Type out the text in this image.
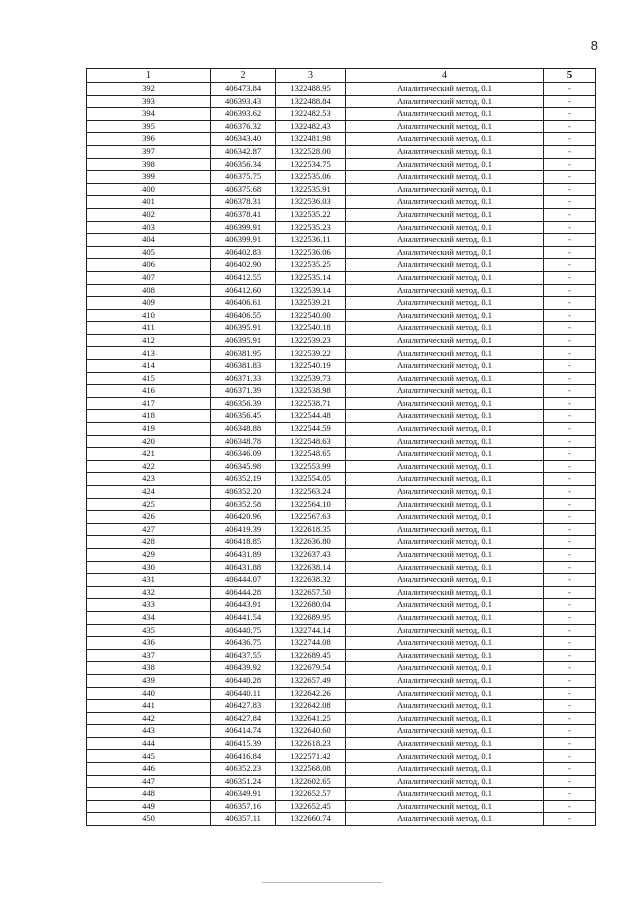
8
1	2	3	4	5
392	406473.84	1322488.95	Аналитический метод, 0.1	-
393	406393.43	1322488.84	Аналитический метод, 0.1	-
394	406393.62	1322482.53	Аналитический метод, 0.1	-
395	406376.32	1322482.43	Аналитический метод, 0.1	-
396	406343.40	1322481.98	Аналитический метод, 0.1	-
397	406342.87	1322528.00	Аналитический метод, 0.1	-
398	406356.34	1322534.75	Аналитический метод, 0.1	-
399	406375.75	1322535.06	Аналитический метод, 0.1	-
400	406375.68	1322535.91	Аналитический метод, 0.1	-
401	406378.31	1322536.03	Аналитический метод, 0.1	-
402	406378.41	1322535.22	Аналитический метод, 0.1	-
403	406399.91	1322535.23	Аналитический метод, 0.1	-
404	406399.91	1322536.11	Аналитический метод, 0.1	-
405	406402.83	1322536.06	Аналитический метод, 0.1	-
406	406402.90	1322535.25	Аналитический метод, 0.1	-
407	406412.55	1322535.14	Аналитический метод, 0.1	-
408	406412.60	1322539.14	Аналитический метод, 0.1	-
409	406406.61	1322539.21	Аналитический метод, 0.1	-
410	406406.55	1322540.00	Аналитический метод, 0.1	-
411	406395.91	1322540.18	Аналитический метод, 0.1	-
412	406395.91	1322539.23	Аналитический метод, 0.1	-
413	406381.95	1322539.22	Аналитический метод, 0.1	-
414	406381.83	1322540.19	Аналитический метод, 0.1	-
415	406371.33	1322539.73	Аналитический метод, 0.1	-
416	406371.39	1322538.98	Аналитический метод, 0.1	-
417	406356.39	1322538.71	Аналитический метод, 0.1	-
418	406356.45	1322544.48	Аналитический метод, 0.1	-
419	406348.88	1322544.59	Аналитический метод, 0.1	-
420	406348.78	1322548.63	Аналитический метод, 0.1	-
421	406346.09	1322548.65	Аналитический метод, 0.1	-
422	406345.98	1322553.99	Аналитический метод, 0.1	-
423	406352.19	1322554.05	Аналитический метод, 0.1	-
424	406352.20	1322563.24	Аналитический метод, 0.1	-
425	406352.58	1322564.10	Аналитический метод, 0.1	-
426	406420.96	1322567.63	Аналитический метод, 0.1	-
427	406419.39	1322618.35	Аналитический метод, 0.1	-
428	406418.85	1322636.80	Аналитический метод, 0.1	-
429	406431.89	1322637.43	Аналитический метод, 0.1	-
430	406431.88	1322638.14	Аналитический метод, 0.1	-
431	406444.07	1322638.32	Аналитический метод, 0.1	-
432	406444.28	1322657.50	Аналитический метод, 0.1	-
433	406443.91	1322680.04	Аналитический метод, 0.1	-
434	406441.54	1322689.95	Аналитический метод, 0.1	-
435	406440.75	1322744.14	Аналитический метод, 0.1	-
436	406436.75	1322744.08	Аналитический метод, 0.1	-
437	406437.55	1322689.45	Аналитический метод, 0.1	-
438	406439.92	1322679.54	Аналитический метод, 0.1	-
439	406440.28	1322657.49	Аналитический метод, 0.1	-
440	406440.11	1322642.26	Аналитический метод, 0.1	-
441	406427.83	1322642.08	Аналитический метод, 0.1	-
442	406427.84	1322641.25	Аналитический метод, 0.1	-
443	406414.74	1322640.60	Аналитический метод, 0.1	-
444	406415.39	1322618.23	Аналитический метод, 0.1	-
445	406416.84	1322571.42	Аналитический метод, 0.1	-
446	406352.23	1322568.08	Аналитический метод, 0.1	-
447	406351.24	1322602.65	Аналитический метод, 0.1	-
448	406349.91	1322652.57	Аналитический метод, 0.1	-
449	406357.16	1322652.45	Аналитический метод, 0.1	-
450	406357.11	1322660.74	Аналитический метод, 0.1	-
